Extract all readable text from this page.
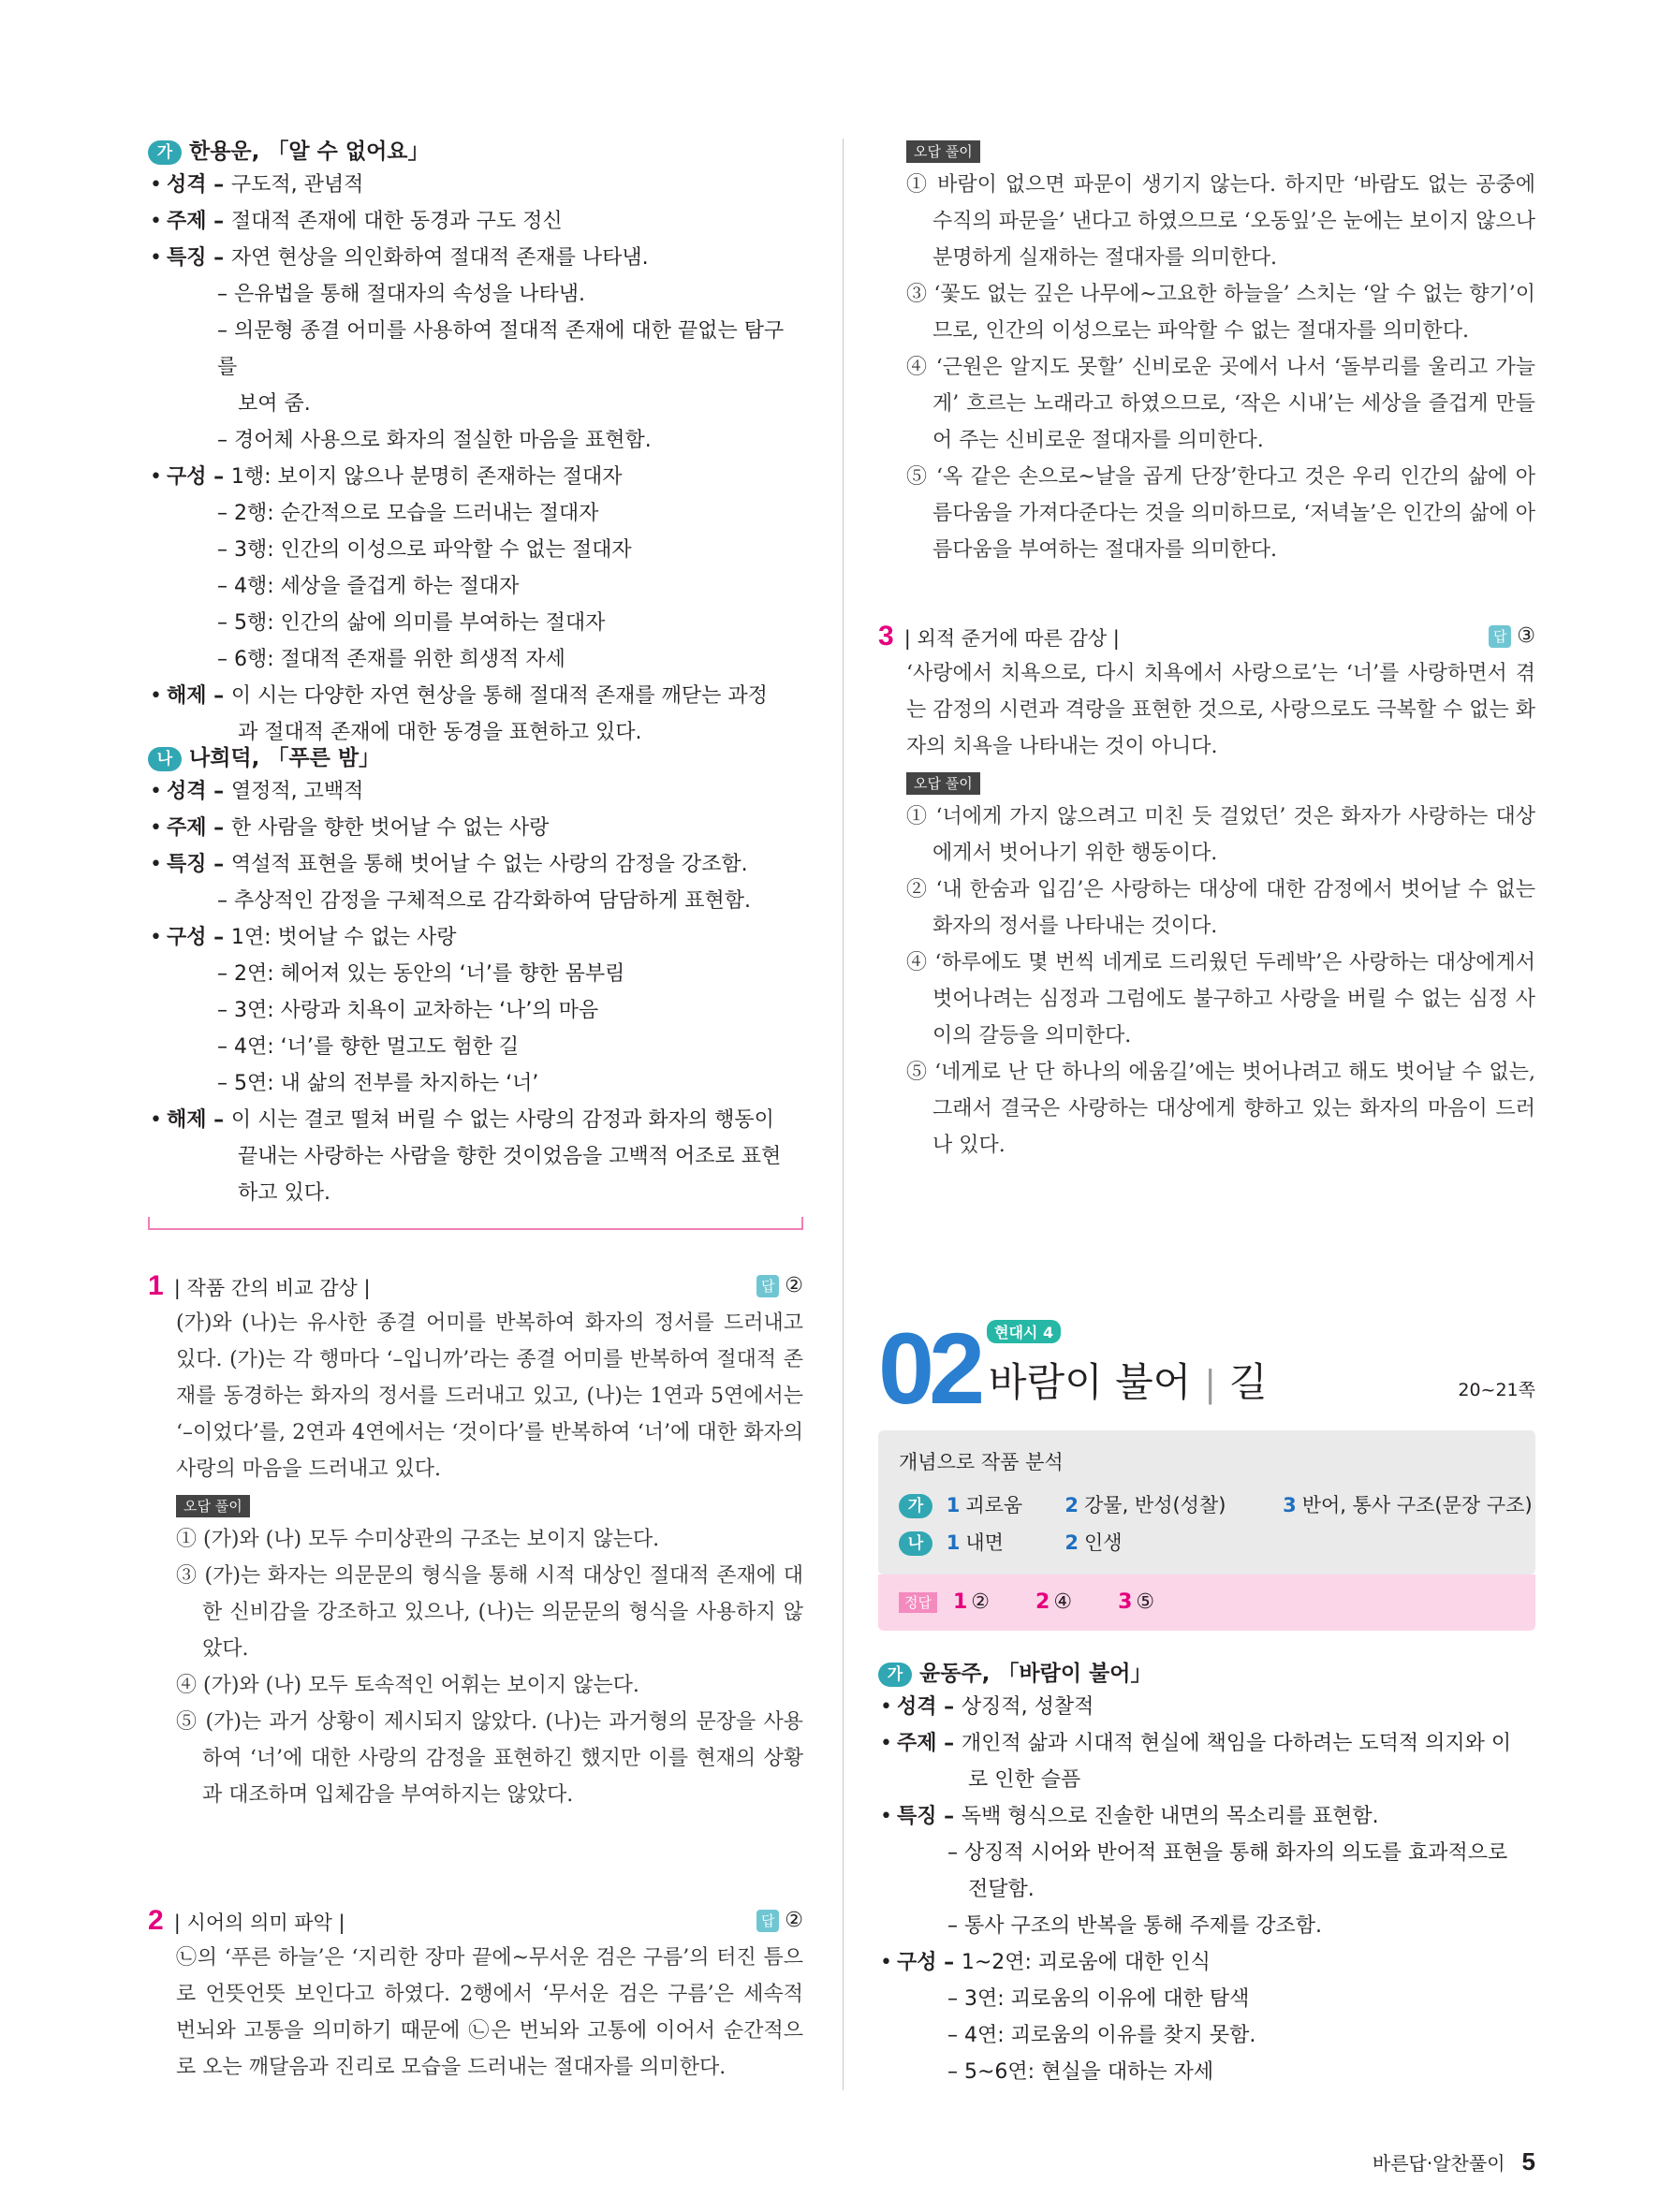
가 한용운, 「알 수 없어요」
• 성격 – 구도적, 관념적
• 주제 – 절대적 존재에 대한 동경과 구도 정신
• 특징 – 자연 현상을 의인화하여 절대적 존재를 나타냄.
– 은유법을 통해 절대자의 속성을 나타냄.
– 의문형 종결 어미를 사용하여 절대적 존재에 대한 끝없는 탐구를
보여 줌.
– 경어체 사용으로 화자의 절실한 마음을 표현함.
• 구성 – 1행: 보이지 않으나 분명히 존재하는 절대자
– 2행: 순간적으로 모습을 드러내는 절대자
– 3행: 인간의 이성으로 파악할 수 없는 절대자
– 4행: 세상을 즐겁게 하는 절대자
– 5행: 인간의 삶에 의미를 부여하는 절대자
– 6행: 절대적 존재를 위한 희생적 자세
• 해제 – 이 시는 다양한 자연 현상을 통해 절대적 존재를 깨닫는 과정
과 절대적 존재에 대한 동경을 표현하고 있다.
나 나희덕, 「푸른 밤」
• 성격 – 열정적, 고백적
• 주제 – 한 사람을 향한 벗어날 수 없는 사랑
• 특징 – 역설적 표현을 통해 벗어날 수 없는 사랑의 감정을 강조함.
– 추상적인 감정을 구체적으로 감각화하여 담담하게 표현함.
• 구성 – 1연: 벗어날 수 없는 사랑
– 2연: 헤어져 있는 동안의 ‘너’를 향한 몸부림
– 3연: 사랑과 치욕이 교차하는 ‘나’의 마음
– 4연: ‘너’를 향한 멀고도 험한 길
– 5연: 내 삶의 전부를 차지하는 ‘너’
• 해제 – 이 시는 결코 떨쳐 버릴 수 없는 사랑의 감정과 화자의 행동이
끝내는 사랑하는 사람을 향한 것이었음을 고백적 어조로 표현
하고 있다.
1 | 작품 간의 비교 감상 |	답 ②
(가)와 (나)는 유사한 종결 어미를 반복하여 화자의 정서를 드러내고 있다. (가)는 각 행마다 ‘–입니까’라는 종결 어미를 반복하여 절대적 존재를 동경하는 화자의 정서를 드러내고 있고, (나)는 1연과 5연에서는 ‘–이었다’를, 2연과 4연에서는 ‘것이다’를 반복하여 ‘너’에 대한 화자의 사랑의 마음을 드러내고 있다.
오답 풀이
① (가)와 (나) 모두 수미상관의 구조는 보이지 않는다.
③ (가)는 화자는 의문문의 형식을 통해 시적 대상인 절대적 존재에 대한 신비감을 강조하고 있으나, (나)는 의문문의 형식을 사용하지 않았다.
④ (가)와 (나) 모두 토속적인 어휘는 보이지 않는다.
⑤ (가)는 과거 상황이 제시되지 않았다. (나)는 과거형의 문장을 사용하여 ‘너’에 대한 사랑의 감정을 표현하긴 했지만 이를 현재의 상황과 대조하며 입체감을 부여하지는 않았다.
2 | 시어의 의미 파악 |	답 ②
㉡의 ‘푸른 하늘’은 ‘지리한 장마 끝에~무서운 검은 구름’의 터진 틈으로 언뜻언뜻 보인다고 하였다. 2행에서 ‘무서운 검은 구름’은 세속적 번뇌와 고통을 의미하기 때문에 ㉡은 번뇌와 고통에 이어서 순간적으로 오는 깨달음과 진리로 모습을 드러내는 절대자를 의미한다.
오답 풀이
① 바람이 없으면 파문이 생기지 않는다. 하지만 ‘바람도 없는 공중에 수직의 파문을’ 낸다고 하였으므로 ‘오동잎’은 눈에는 보이지 않으나 분명하게 실재하는 절대자를 의미한다.
③ ‘꽃도 없는 깊은 나무에~고요한 하늘을’ 스치는 ‘알 수 없는 향기’이므로, 인간의 이성으로는 파악할 수 없는 절대자를 의미한다.
④ ‘근원은 알지도 못할’ 신비로운 곳에서 나서 ‘돌부리를 울리고 가늘게’ 흐르는 노래라고 하였으므로, ‘작은 시내’는 세상을 즐겁게 만들어 주는 신비로운 절대자를 의미한다.
⑤ ‘옥 같은 손으로~날을 곱게 단장’한다고 것은 우리 인간의 삶에 아름다움을 가져다준다는 것을 의미하므로, ‘저녁놀’은 인간의 삶에 아름다움을 부여하는 절대자를 의미한다.
3 | 외적 준거에 따른 감상 |	답 ③
‘사랑에서 치욕으로, 다시 치욕에서 사랑으로’는 ‘너’를 사랑하면서 겪는 감정의 시련과 격랑을 표현한 것으로, 사랑으로도 극복할 수 없는 화자의 치욕을 나타내는 것이 아니다.
오답 풀이
① ‘너에게 가지 않으려고 미친 듯 걸었던’ 것은 화자가 사랑하는 대상에게서 벗어나기 위한 행동이다.
② ‘내 한숨과 입김’은 사랑하는 대상에 대한 감정에서 벗어날 수 없는 화자의 정서를 나타내는 것이다.
④ ‘하루에도 몇 번씩 네게로 드리웠던 두레박’은 사랑하는 대상에게서 벗어나려는 심정과 그럼에도 불구하고 사랑을 버릴 수 없는 심정 사이의 갈등을 의미한다.
⑤ ‘네게로 난 단 하나의 에움길’에는 벗어나려고 해도 벗어날 수 없는, 그래서 결국은 사랑하는 대상에게 향하고 있는 화자의 마음이 드러나 있다.
02 현대시 4
바람이 불어 | 길	20~21쪽
개념으로 작품 분석
가 1 괴로움 2 강물, 반성(성찰)	3 반어, 통사 구조(문장 구조)
나 1 내면	2 인생
정답 1 ② 2 ④ 3 ⑤
가 윤동주, 「바람이 불어」
• 성격 – 상징적, 성찰적
• 주제 – 개인적 삶과 시대적 현실에 책임을 다하려는 도덕적 의지와 이
로 인한 슬픔
• 특징 – 독백 형식으로 진솔한 내면의 목소리를 표현함.
– 상징적 시어와 반어적 표현을 통해 화자의 의도를 효과적으로
전달함.
– 통사 구조의 반복을 통해 주제를 강조함.
• 구성 – 1~2연: 괴로움에 대한 인식
– 3연: 괴로움의 이유에 대한 탐색
– 4연: 괴로움의 이유를 찾지 못함.
– 5~6연: 현실을 대하는 자세
바른답·알찬풀이 5
